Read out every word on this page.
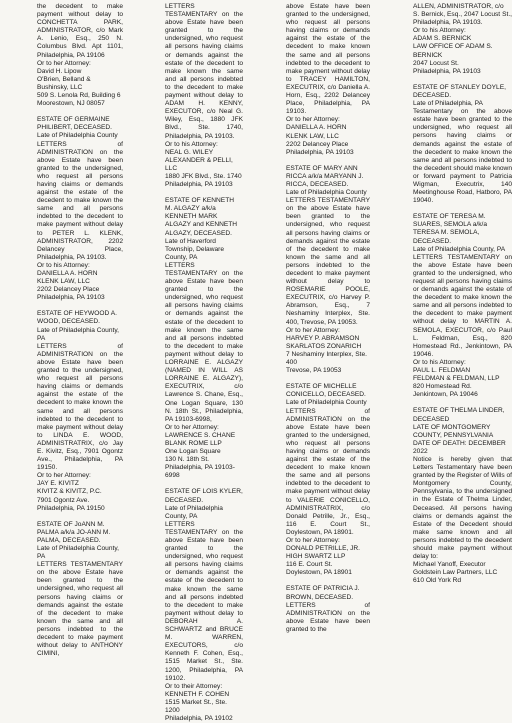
the decedent to make payment without delay to CONCHETTA PARK, ADMINISTRATOR, c/o Mark A. Lenio, Esq., 250 N. Columbus Blvd. Apt 1101, Philadelphia, PA 19106

Or to her Attorney:
David H. Lipow
O'Brien, Belland & Bushinsky, LLC
509 S. Lenola Rd, Building 6
Moorestown, NJ 08057
ESTATE OF GERMAINE PHILIBERT, DECEASED.
Late of Philadelphia County

LETTERS of ADMINISTRATION on the above Estate have been granted to the undersigned, who request all persons having claims or demands against the estate of the decedent to make known the same and all persons indebted to the decedent to make payment without delay to PETER L. KLENK, ADMINISTRATOR, 2202 Delancey Place, Philadelphia, PA 19103.

Or to his Attorney:
DANIELLA A. HORN
KLENK LAW, LLC
2202 Delancey Place
Philadelphia, PA 19103
ESTATE OF HEYWOOD A. WOOD, DECEASED.
Late of Philadelphia County, PA

LETTERS of ADMINISTRATION on the above Estate have been granted to the undersigned, who request all persons having claims or demands against the estate of the decedent to make known the same and all persons indebted to the decedent to make payment without delay to LINDA E. WOOD, ADMINISTRATRIX, c/o Jay E. Kivitz, Esq., 7901 Ogontz Ave., Philadelphia, PA 19150.

Or to her Attorney:
JAY E. KIVITZ
KIVITZ & KIVITZ, P.C.
7901 Ogontz Ave.
Philadelphia, PA 19150
ESTATE OF JoANN M. PALMA a/k/a JO-ANN M. PALMA, DECEASED.
Late of Philadelphia County, PA

LETTERS TESTAMENTARY on the above Estate have been granted to the undersigned, who request all persons having claims or demands against the estate of the decedent to make known the same and all persons indebted to the decedent to make payment without delay to ANTHONY CIMINI,

LETTERS TESTAMENTARY on the above Estate have been granted to the undersigned, who request all persons having claims or demands against the estate of the decedent to make known the same and all persons indebted to the decedent to make payment without delay to ADAM H. KENNY, EXECUTOR, c/o Neal G. Wiley, Esq., 1880 JFK Blvd., Ste. 1740, Philadelphia, PA 19103.

Or to his Attorney:
NEAL G. WILEY
ALEXANDER & PELLI, LLC
1880 JFK Blvd., Ste. 1740
Philadelphia, PA 19103
ESTATE OF KENNETH M. ALGAZY a/k/a KENNETH MARK ALGAZY and KENNETH ALGAZY, DECEASED.
Late of Haverford Township, Delaware County, PA

LETTERS TESTAMENTARY on the above Estate have been granted to the undersigned, who request all persons having claims or demands against the estate of the decedent to make known the same and all persons indebted to the decedent to make payment without delay to LORRAINE E. ALGAZY (NAMED IN WILL AS LORRAINE E. ALGAZY), EXECUTRIX, c/o Lawrence S. Chane, Esq., One Logan Square, 130 N. 18th St., Philadelphia, PA 19103-6998,

Or to her Attorney:
LAWRENCE S. CHANE
BLANK ROME LLP
One Logan Square
130 N. 18th St.
Philadelphia, PA 19103-6998
ESTATE OF LOIS KYLER, DECEASED.
Late of Philadelphia County, PA

LETTERS TESTAMENTARY on the above Estate have been granted to the undersigned, who request all persons having claims or demands against the estate of the decedent to make known the same and all persons indebted to the decedent to make payment without delay to DEBORAH A. SCHWARTZ and BRUCE M. WARREN, EXECUTORS, c/o Kenneth F. Cohen, Esq., 1515 Market St., Ste. 1200, Philadelphia, PA 19102.

Or to their Attorney:
KENNETH F. COHEN
1515 Market St., Ste. 1200
Philadelphia, PA 19102

above Estate have been granted to the undersigned, who request all persons having claims or demands against the estate of the decedent to make known the same and all persons indebted to the decedent to make payment without delay to TRACEY HAMILTON, EXECUTRIX, c/o Daniella A. Horn, Esq., 2202 Delancey Place, Philadelphia, PA 19103.

Or to her Attorney:
DANIELLA A. HORN
KLENK LAW, LLC
2202 Delancey Place
Philadelphia, PA 19103
ESTATE OF MARY ANN RICCA a/k/a MARYANN J. RICCA, DECEASED.
Late of Philadelphia County

LETTERS TESTAMENTARY on the above Estate have been granted to the undersigned, who request all persons having claims or demands against the estate of the decedent to make known the same and all persons indebted to the decedent to make payment without delay to ROSEMARIE POOLE, EXECUTRIX, c/o Harvey P. Abramson, Esq., 7 Neshaminy Interplex, Ste. 400, Trevose, PA 19053.

Or to her Attorney:
HARVEY P. ABRAMSON
SKARLATOS ZONARICH
7 Neshaminy Interplex, Ste. 400
Trevose, PA 19053
ESTATE OF MICHELLE CONICELLO, DECEASED.
Late of Philadelphia County

LETTERS of ADMINISTRATION on the above Estate have been granted to the undersigned, who request all persons having claims or demands against the estate of the decedent to make known the same and all persons indebted to the decedent to make payment without delay to VALERIE CONICELLO, ADMINISTRATRIX, c/o Donald Petrille, Jr., Esq., 116 E. Court St., Doylestown, PA 18901.

Or to her Attorney:
DONALD PETRILLE, JR.
HIGH SWARTZ LLP
116 E. Court St.
Doylestown, PA 18901
ESTATE OF PATRICIA J. BROWN, DECEASED.

LETTERS of ADMINISTRATION on the above Estate have been granted to the

ALLEN, ADMINISTRATOR, c/o

S. Bernick, Esq., 2047 Locust St., Philadelphia, PA 19103.

Or to his Attorney:
ADAM S. BERNICK
LAW OFFICE OF ADAM S. BERNICK
2047 Locust St.
Philadelphia, PA 19103
ESTATE OF STANLEY DOYLE, DECEASED.
Late of Philadelphia, PA

Testamentary on the above estate have been granted to the undersigned, who request all persons having claims or demands against the estate of the decedent to make known the same and all persons indebted to the decedent should make known or forward payment to Patricia Wigman, Executrix, 140 Meetinghouse Road, Hatboro, PA 19040.

ESTATE OF TERESA M. SUARES, SEMOLA a/k/a TERESA M. SEMOLA, DECEASED.
Late of Philadelphia County, PA

LETTERS TESTAMENTARY on the above Estate have been granted to the undersigned, who request all persons having claims or demands against the estate of the decedent to make known the same and all persons indebted to the decedent to make payment without delay to MARTIN A. SEMOLA, EXECUTOR, c/o Paul L. Feldman, Esq., 820 Homestead Rd., Jenkintown, PA 19046.

Or to his Attorney:
PAUL L. FELDMAN
FELDMAN & FELDMAN, LLP
820 Homestead Rd.
Jenkintown, PA 19046
ESTATE OF THELMA LINDER, DECEASED
LATE OF MONTGOMERY COUNTY, PENNSYLVANIA
DATE OF DEATH: DECEMBER 2022

Notice is hereby given that Letters Testamentary have been granted by the Register of Wills of Montgomery County, Pennsylvania, to the undersigned in the Estate of Thelma Linder, Deceased. All persons having claims or demands against the Estate of the Decedent should make same known and all persons indebted to the decedent should make payment without delay to:

Michael Yanoff, Executor
Goldstein Law Partners, LLC
610 Old York Rd
